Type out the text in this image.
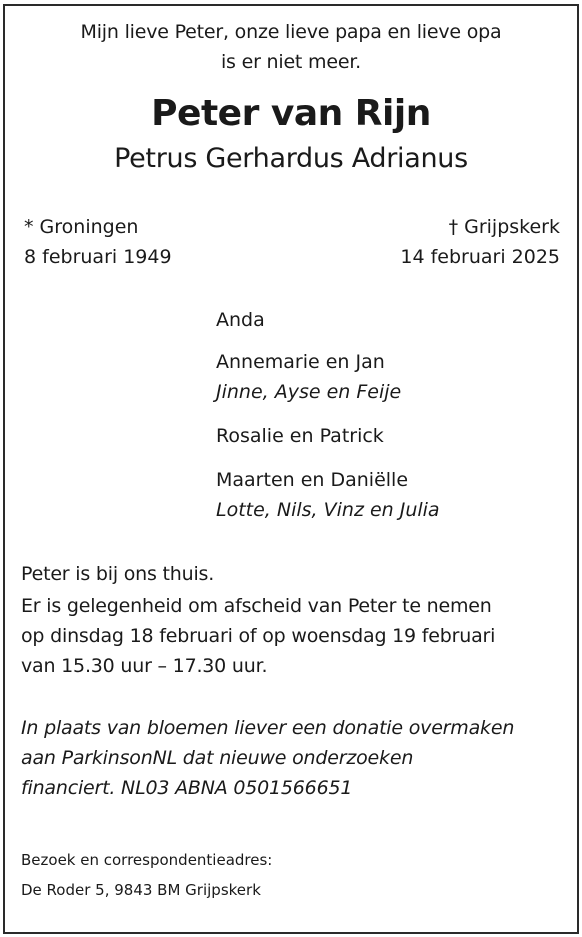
Mijn lieve Peter, onze lieve papa en lieve opa

is er niet meer.

Peter van Rijn

Petrus Gerhardus Adrianus

* Groningen

8 februari 1949

† Grijpskerk

14 februari 2025

Anda

Annemarie en Jan

Jinne, Ayse en Feije

Rosalie en Patrick

Maarten en Daniëlle

Lotte, Nils, Vinz en Julia

Peter is bij ons thuis.

Er is gelegenheid om afscheid van Peter te nemen

op dinsdag 18 februari of op woensdag 19 februari

van 15.30 uur – 17.30 uur.

In plaats van bloemen liever een donatie overmaken

aan ParkinsonNL dat nieuwe onderzoeken

financiert. NL03 ABNA 0501566651

Bezoek en correspondentieadres:

De Roder 5, 9843 BM Grijpskerk
